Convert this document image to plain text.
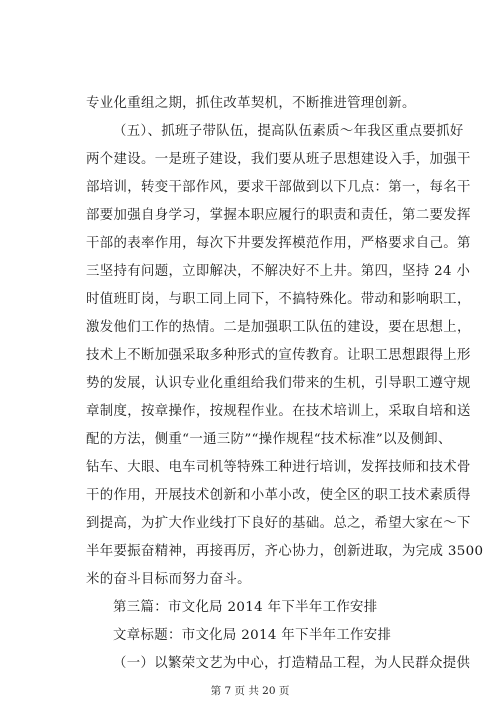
专业化重组之期，抓住改革契机，不断推进管理创新。
（五）、抓班子带队伍，提高队伍素质～年我区重点要抓好
两个建设。一是班子建设，我们要从班子思想建设入手，加强干
部培训，转变干部作风，要求干部做到以下几点：第一，每名干
部要加强自身学习，掌握本职应履行的职责和责任，第二要发挥
干部的表率作用，每次下井要发挥模范作用，严格要求自己。第
三坚持有问题，立即解决，不解决好不上井。第四，坚持 24 小
时值班盯岗，与职工同上同下，不搞特殊化。带动和影响职工，
激发他们工作的热情。二是加强职工队伍的建设，要在思想上，
技术上不断加强采取多种形式的宣传教育。让职工思想跟得上形
势的发展，认识专业化重组给我们带来的生机，引导职工遵守规
章制度，按章操作，按规程作业。在技术培训上，采取自培和送
配的方法，侧重“一通三防”“操作规程“技术标准”以及侧卸、
钻车、大眼、电车司机等特殊工种进行培训，发挥技师和技术骨
干的作用，开展技术创新和小革小改，使全区的职工技术素质得
到提高，为扩大作业线打下良好的基础。总之，希望大家在～下
半年要振奋精神，再接再厉，齐心协力，创新进取，为完成 3500
米的奋斗目标而努力奋斗。
第三篇：市文化局 2014 年下半年工作安排
文章标题：市文化局 2014 年下半年工作安排
（一）以繁荣文艺为中心，打造精品工程，为人民群众提供
第 7 页 共 20 页
